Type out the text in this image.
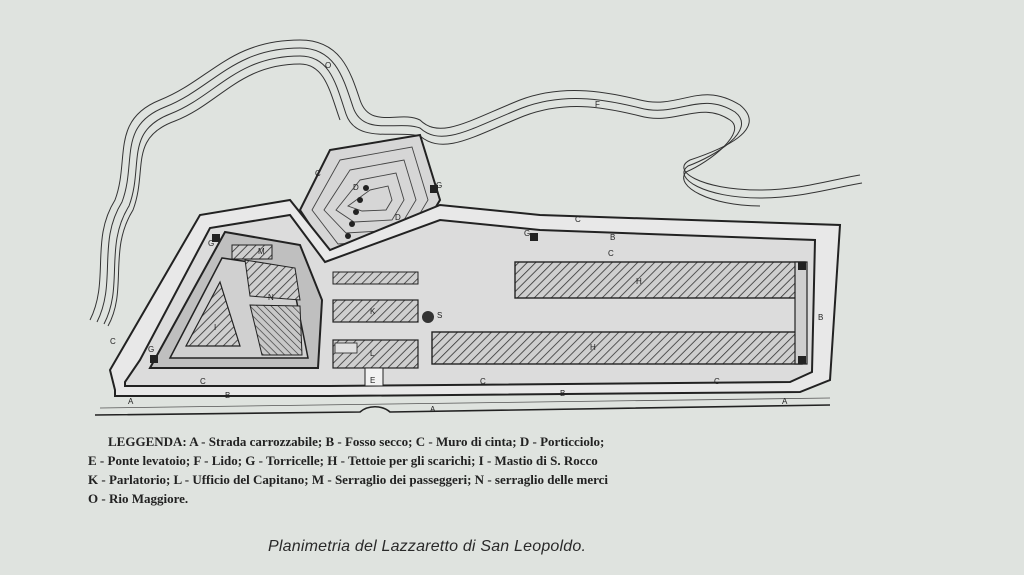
A
A
A
B	B
B
B
C	C	C
C
C
C
C
D
D
E
F
G
G
G
G
H
H
I
K
L
M
N
O
S
LEGGENDA: A - Strada carrozzabile; B - Fosso secco; C - Muro di cinta; D - Porticciolo;
E - Ponte levatoio; F - Lido; G - Torricelle; H - Tettoie per gli scarichi; I - Mastio di S. Rocco
K - Parlatorio; L - Ufficio del Capitano; M - Serraglio dei passeggeri; N - serraglio delle merci
O - Rio Maggiore.
Planimetria del Lazzaretto di San Leopoldo.
